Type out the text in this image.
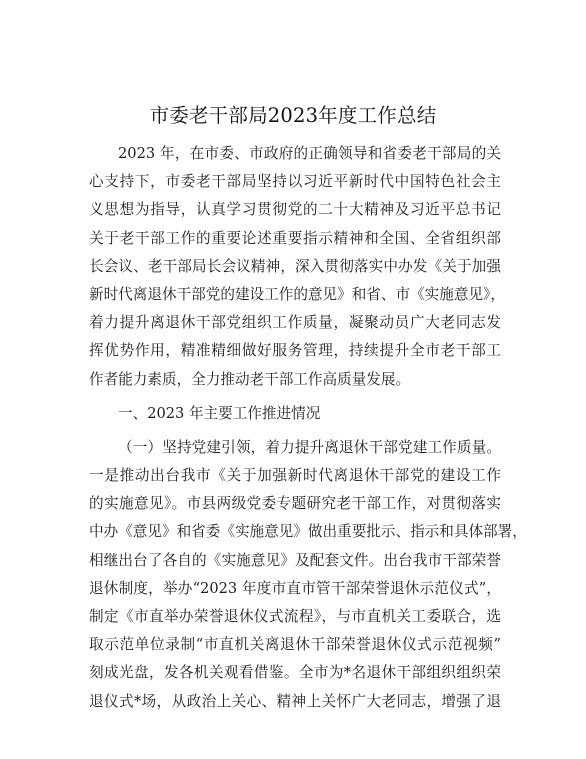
市委老干部局2023年度工作总结
2023 年，在市委、市政府的正确领导和省委老干部局的关
心支持下，市委老干部局坚持以习近平新时代中国特色社会主
义思想为指导，认真学习贯彻党的二十大精神及习近平总书记
关于老干部工作的重要论述重要指示精神和全国、全省组织部
长会议、老干部局长会议精神，深入贯彻落实中办发《关于加强
新时代离退休干部党的建设工作的意见》和省、市《实施意见》，
着力提升离退休干部党组织工作质量，凝聚动员广大老同志发
挥优势作用，精准精细做好服务管理，持续提升全市老干部工
作者能力素质，全力推动老干部工作高质量发展。
一、2023 年主要工作推进情况
（一）坚持党建引领，着力提升离退休干部党建工作质量。
一是推动出台我市《关于加强新时代离退休干部党的建设工作
的实施意见》。市县两级党委专题研究老干部工作，对贯彻落实
中办《意见》和省委《实施意见》做出重要批示、指示和具体部署，
相继出台了各自的《实施意见》及配套文件。出台我市干部荣誉
退休制度，举办“2023 年度市直市管干部荣誉退休示范仪式”，
制定《市直举办荣誉退休仪式流程》，与市直机关工委联合，选
取示范单位录制“市直机关离退休干部荣誉退休仪式示范视频”
刻成光盘，发各机关观看借鉴。全市为*名退休干部组织组织荣
退仪式*场，从政治上关心、精神上关怀广大老同志，增强了退
